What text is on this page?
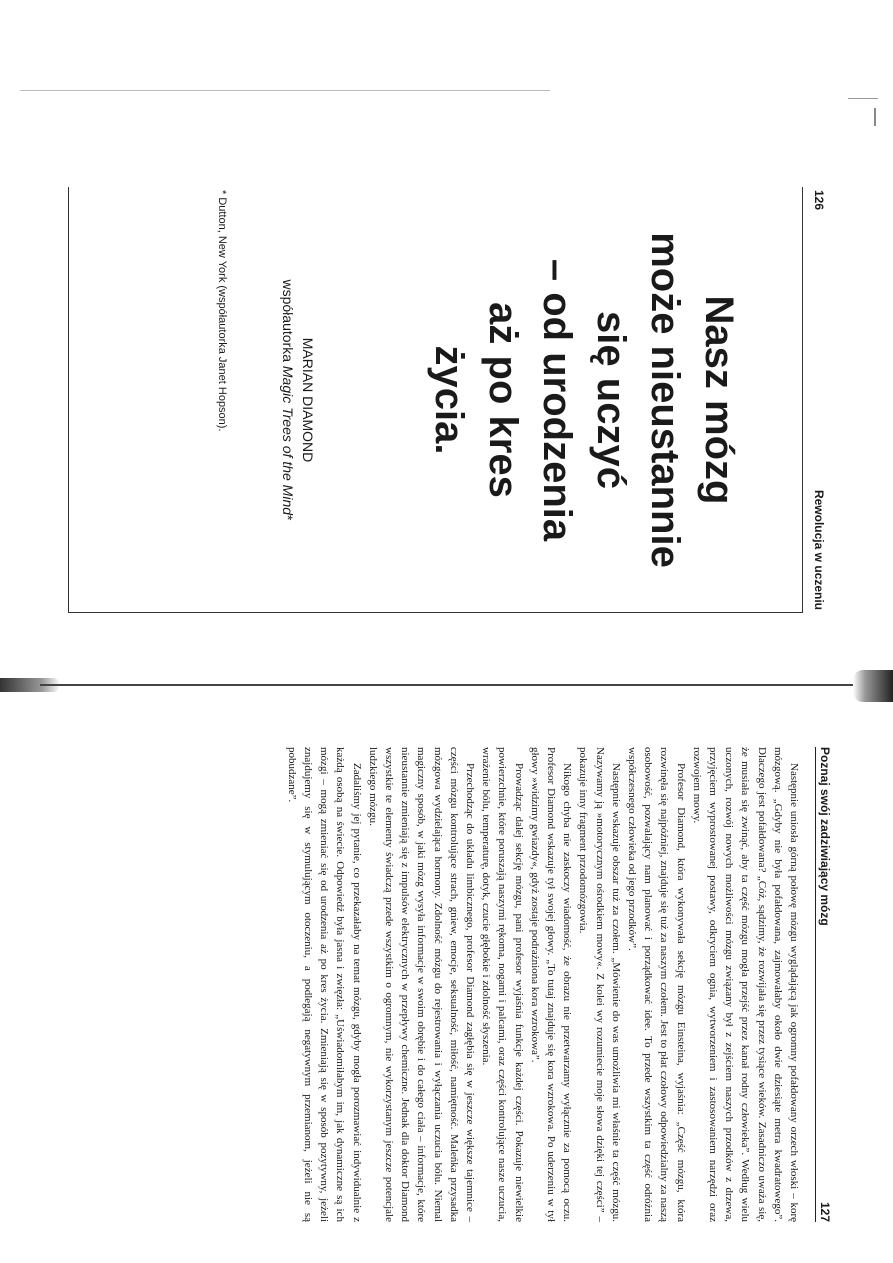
126
Rewolucja w uczeniu
Nasz mózg
może nieustannie
się uczyć
– od urodzenia
aż po kres
życia.
MARIAN DIAMOND
współautorka Magic Trees of the Mind*
* Dutton, New York (współautorka Janet Hopson).
Poznaj swój zadziwiający mózg
127

Następnie uniosła górną połowę mózgu wyglądającą jak ogromny pofałdowany orzech włoski – korę mózgową. „Gdyby nie była pofałdowana, zajmowałaby około dwie dziesiąte metra kwadratowego”. Dlaczego jest pofałdowana? „Cóż, sądzimy, że rozwijała się przez tysiące wieków. Zasadniczo uważa się, że musiała się zwinąć, aby ta część mózgu mogła przejść przez kanał rodny człowieka”. Według wielu uczonych, rozwój nowych możliwości mózgu związany był z zejściem naszych przodków z drzewa, przyjęciem wyprostowanej postawy, odkryciem ognia, wytworzeniem i zastosowaniem narzędzi oraz rozwojem mowy.

Profesor Diamond, która wykonywała sekcję mózgu Einsteina, wyjaśnia: „Część mózgu, która rozwinęła się najpóźniej, znajduje się tuż za naszym czołem. Jest to płat czołowy odpowiedzialny za naszą osobowość, pozwalający nam planować i porządkować idee. To przede wszystkim ta część odróżnia współczesnego człowieka od jego przodków”.

Następnie wskazuje obszar tuż za czołem. „Mówienie do was umożliwia mi właśnie ta część mózgu. Nazywamy ją »motorycznym ośrodkiem mowy«. Z kolei wy rozumiecie moje słowa dzięki tej części” – pokazuje inny fragment przodomózgowia.

Nikogo chyba nie zaskoczy wiadomość, że obrazu nie przetwarzamy wyłącznie za pomocą oczu. Profesor Diamond wskazuje tył swojej głowy. „To tutaj znajduje się kora wzrokowa. Po uderzeniu w tył głowy »widzimy gwiazdy«, gdyż zostaje podrażniona kora wzrokowa”.

Prowadząc dalej sekcję mózgu, pani profesor wyjaśnia funkcje każdej części. Pokazuje niewielkie powierzchnie, które poruszają naszymi rękoma, nogami i palcami, oraz części kontrolujące nasze uczucia, wrażenie bólu, temperaturę, dotyk, czucie głębokie i zdolność słyszenia.

Przechodząc do układu limbicznego, profesor Diamond zagłębia się w jeszcze większe tajemnice – części mózgu kontrolujące strach, gniew, emocje, seksualność, miłość, namiętność. Maleńka przysadka mózgowa wydzielająca hormony. Zdolność mózgu do rejestrowania i wyłączania uczucia bólu. Niemal magiczny sposób, w jaki mózg wysyła informacje w swoim obrębie i do całego ciała – informacje, które nieustannie zmieniają się z impulsów elektrycznych w przepływy chemiczne. Jednak dla doktor Diamond wszystkie te elementy świadczą przede wszystkim o ogromnym, nie wykorzystanym jeszcze potencjale ludzkiego mózgu.

Zadaliśmy jej pytanie, co przekazałaby na temat mózgu, gdyby mogła porozmawiać indywidualnie z każdą osobą na świecie. Odpowiedź była jasna i zwięzła: „Uświadomiłabym im, jak dynamiczne są ich mózgi – mogą zmieniać się od urodzenia aż po kres życia. Zmieniają się w sposób pozytywny, jeżeli znajdujemy się w stymulującym otoczeniu, a podlegają negatywnym przemianom, jeżeli nie są pobudzane”.
